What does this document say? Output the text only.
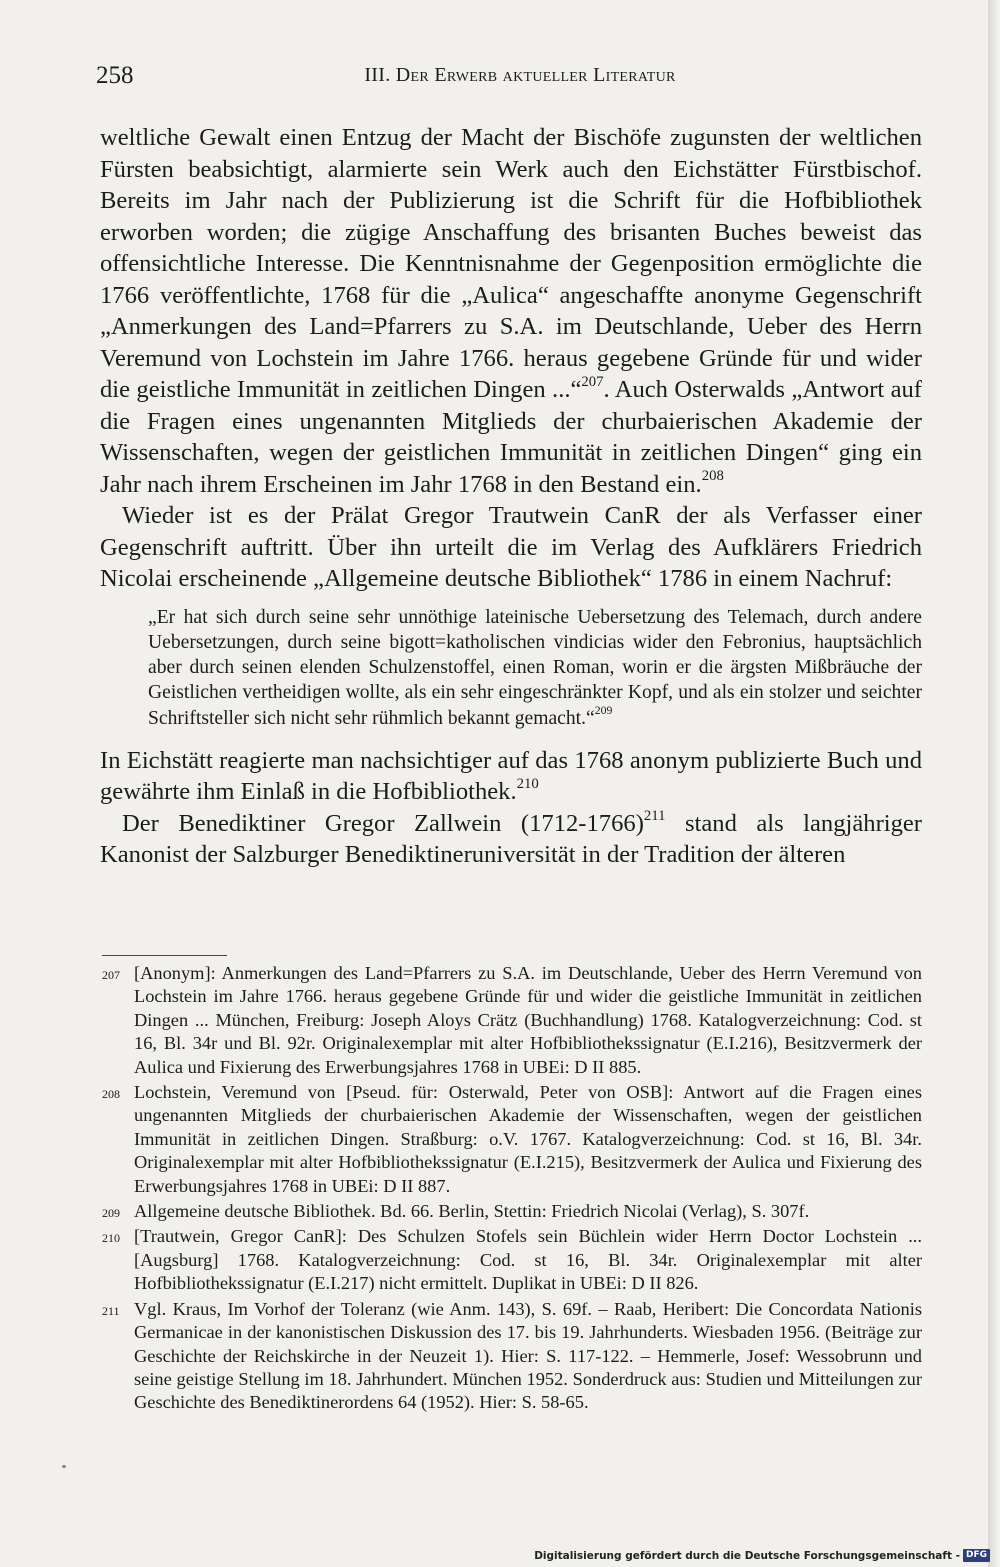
258	III. Der Erwerb aktueller Literatur

weltliche Gewalt einen Entzug der Macht der Bischöfe zugunsten der weltlichen Fürsten beabsichtigt, alarmierte sein Werk auch den Eichstätter Fürstbischof. Bereits im Jahr nach der Publizierung ist die Schrift für die Hofbibliothek erworben worden; die zügige Anschaffung des brisanten Buches beweist das offensichtliche Interesse. Die Kenntnisnahme der Gegenposition ermöglichte die 1766 veröffentlichte, 1768 für die „Aulica“ angeschaffte anonyme Gegenschrift „Anmerkungen des Land=Pfarrers zu S.A. im Deutschlande, Ueber des Herrn Veremund von Lochstein im Jahre 1766. heraus gegebene Gründe für und wider die geistliche Immunität in zeitlichen Dingen ...“$^{207}$. Auch Osterwalds „Antwort auf die Fragen eines ungenannten Mitglieds der churbaierischen Akademie der Wissenschaften, wegen der geistlichen Immunität in zeitlichen Dingen“ ging ein Jahr nach ihrem Erscheinen im Jahr 1768 in den Bestand ein.$^{208}$

Wieder ist es der Prälat Gregor Trautwein CanR der als Verfasser einer Gegenschrift auftritt. Über ihn urteilt die im Verlag des Aufklärers Friedrich Nicolai erscheinende „Allgemeine deutsche Bibliothek“ 1786 in einem Nachruf:

„Er hat sich durch seine sehr unnöthige lateinische Uebersetzung des Telemach, durch andere Uebersetzungen, durch seine bigott=katholischen vindicias wider den Febronius, hauptsächlich aber durch seinen elenden Schulzenstoffel, einen Roman, worin er die ärgsten Mißbräuche der Geistlichen vertheidigen wollte, als ein sehr eingeschränkter Kopf, und als ein stolzer und seichter Schriftsteller sich nicht sehr rühmlich bekannt gemacht.“$^{209}$

In Eichstätt reagierte man nachsichtiger auf das 1768 anonym publizierte Buch und gewährte ihm Einlaß in die Hofbibliothek.$^{210}$

Der Benediktiner Gregor Zallwein (1712-1766)$^{211}$ stand als langjähriger Kanonist der Salzburger Benediktineruniversität in der Tradition der älteren

207 [Anonym]: Anmerkungen des Land=Pfarrers zu S.A. im Deutschlande, Ueber des Herrn Veremund von Lochstein im Jahre 1766. heraus gegebene Gründe für und wider die geistliche Immunität in zeitlichen Dingen ... München, Freiburg: Joseph Aloys Crätz (Buchhandlung) 1768. Katalogverzeichnung: Cod. st 16, Bl. 34r und Bl. 92r. Originalexemplar mit alter Hofbibliothekssignatur (E.I.216), Besitzvermerk der Aulica und Fixierung des Erwerbungsjahres 1768 in UBEi: D II 885.
208 Lochstein, Veremund von [Pseud. für: Osterwald, Peter von OSB]: Antwort auf die Fragen eines ungenannten Mitglieds der churbaierischen Akademie der Wissenschaften, wegen der geistlichen Immunität in zeitlichen Dingen. Straßburg: o.V. 1767. Katalogverzeichnung: Cod. st 16, Bl. 34r. Originalexemplar mit alter Hofbibliothekssignatur (E.I.215), Besitzvermerk der Aulica und Fixierung des Erwerbungsjahres 1768 in UBEi: D II 887.
209 Allgemeine deutsche Bibliothek. Bd. 66. Berlin, Stettin: Friedrich Nicolai (Verlag), S. 307f.
210 [Trautwein, Gregor CanR]: Des Schulzen Stofels sein Büchlein wider Herrn Doctor Lochstein ... [Augsburg] 1768. Katalogverzeichnung: Cod. st 16, Bl. 34r. Originalexemplar mit alter Hofbibliothekssignatur (E.I.217) nicht ermittelt. Duplikat in UBEi: D II 826.
211 Vgl. Kraus, Im Vorhof der Toleranz (wie Anm. 143), S. 69f. – Raab, Heribert: Die Concordata Nationis Germanicae in der kanonistischen Diskussion des 17. bis 19. Jahrhunderts. Wiesbaden 1956. (Beiträge zur Geschichte der Reichskirche in der Neuzeit 1). Hier: S. 117-122. – Hemmerle, Josef: Wessobrunn und seine geistige Stellung im 18. Jahrhundert. München 1952. Sonderdruck aus: Studien und Mitteilungen zur Geschichte des Benediktinerordens 64 (1952). Hier: S. 58-65.
Digitalisierung gefördert durch die Deutsche Forschungsgemeinschaft - DFG
